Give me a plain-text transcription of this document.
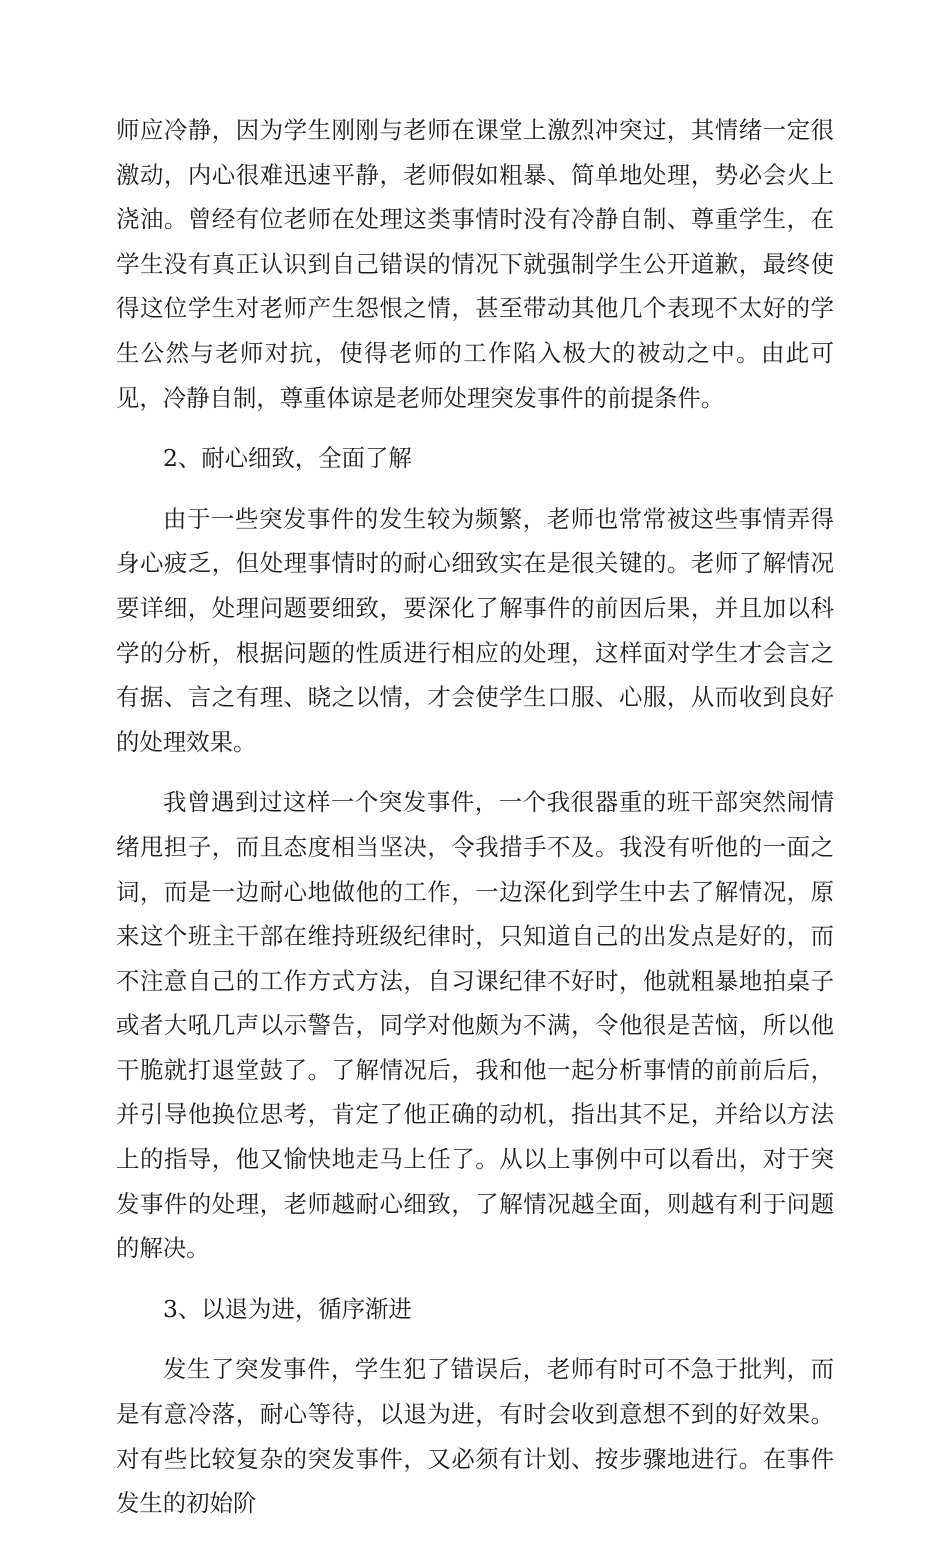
师应冷静，因为学生刚刚与老师在课堂上激烈冲突过，其情绪一定很激动，内心很难迅速平静，老师假如粗暴、简单地处理，势必会火上浇油。曾经有位老师在处理这类事情时没有冷静自制、尊重学生，在学生没有真正认识到自己错误的情况下就强制学生公开道歉，最终使得这位学生对老师产生怨恨之情，甚至带动其他几个表现不太好的学生公然与老师对抗，使得老师的工作陷入极大的被动之中。由此可见，冷静自制，尊重体谅是老师处理突发事件的前提条件。

2、耐心细致，全面了解

由于一些突发事件的发生较为频繁，老师也常常被这些事情弄得身心疲乏，但处理事情时的耐心细致实在是很关键的。老师了解情况要详细，处理问题要细致，要深化了解事件的前因后果，并且加以科学的分析，根据问题的性质进行相应的处理，这样面对学生才会言之有据、言之有理、晓之以情，才会使学生口服、心服，从而收到良好的处理效果。

我曾遇到过这样一个突发事件，一个我很器重的班干部突然闹情绪甩担子，而且态度相当坚决，令我措手不及。我没有听他的一面之词，而是一边耐心地做他的工作，一边深化到学生中去了解情况，原来这个班主干部在维持班级纪律时，只知道自己的出发点是好的，而不注意自己的工作方式方法，自习课纪律不好时，他就粗暴地拍桌子或者大吼几声以示警告，同学对他颇为不满，令他很是苦恼，所以他干脆就打退堂鼓了。了解情况后，我和他一起分析事情的前前后后，并引导他换位思考，肯定了他正确的动机，指出其不足，并给以方法上的指导，他又愉快地走马上任了。从以上事例中可以看出，对于突发事件的处理，老师越耐心细致，了解情况越全面，则越有利于问题的解决。

3、以退为进，循序渐进

发生了突发事件，学生犯了错误后，老师有时可不急于批判，而是有意冷落，耐心等待，以退为进，有时会收到意想不到的好效果。对有些比较复杂的突发事件，又必须有计划、按步骤地进行。在事件发生的初始阶
